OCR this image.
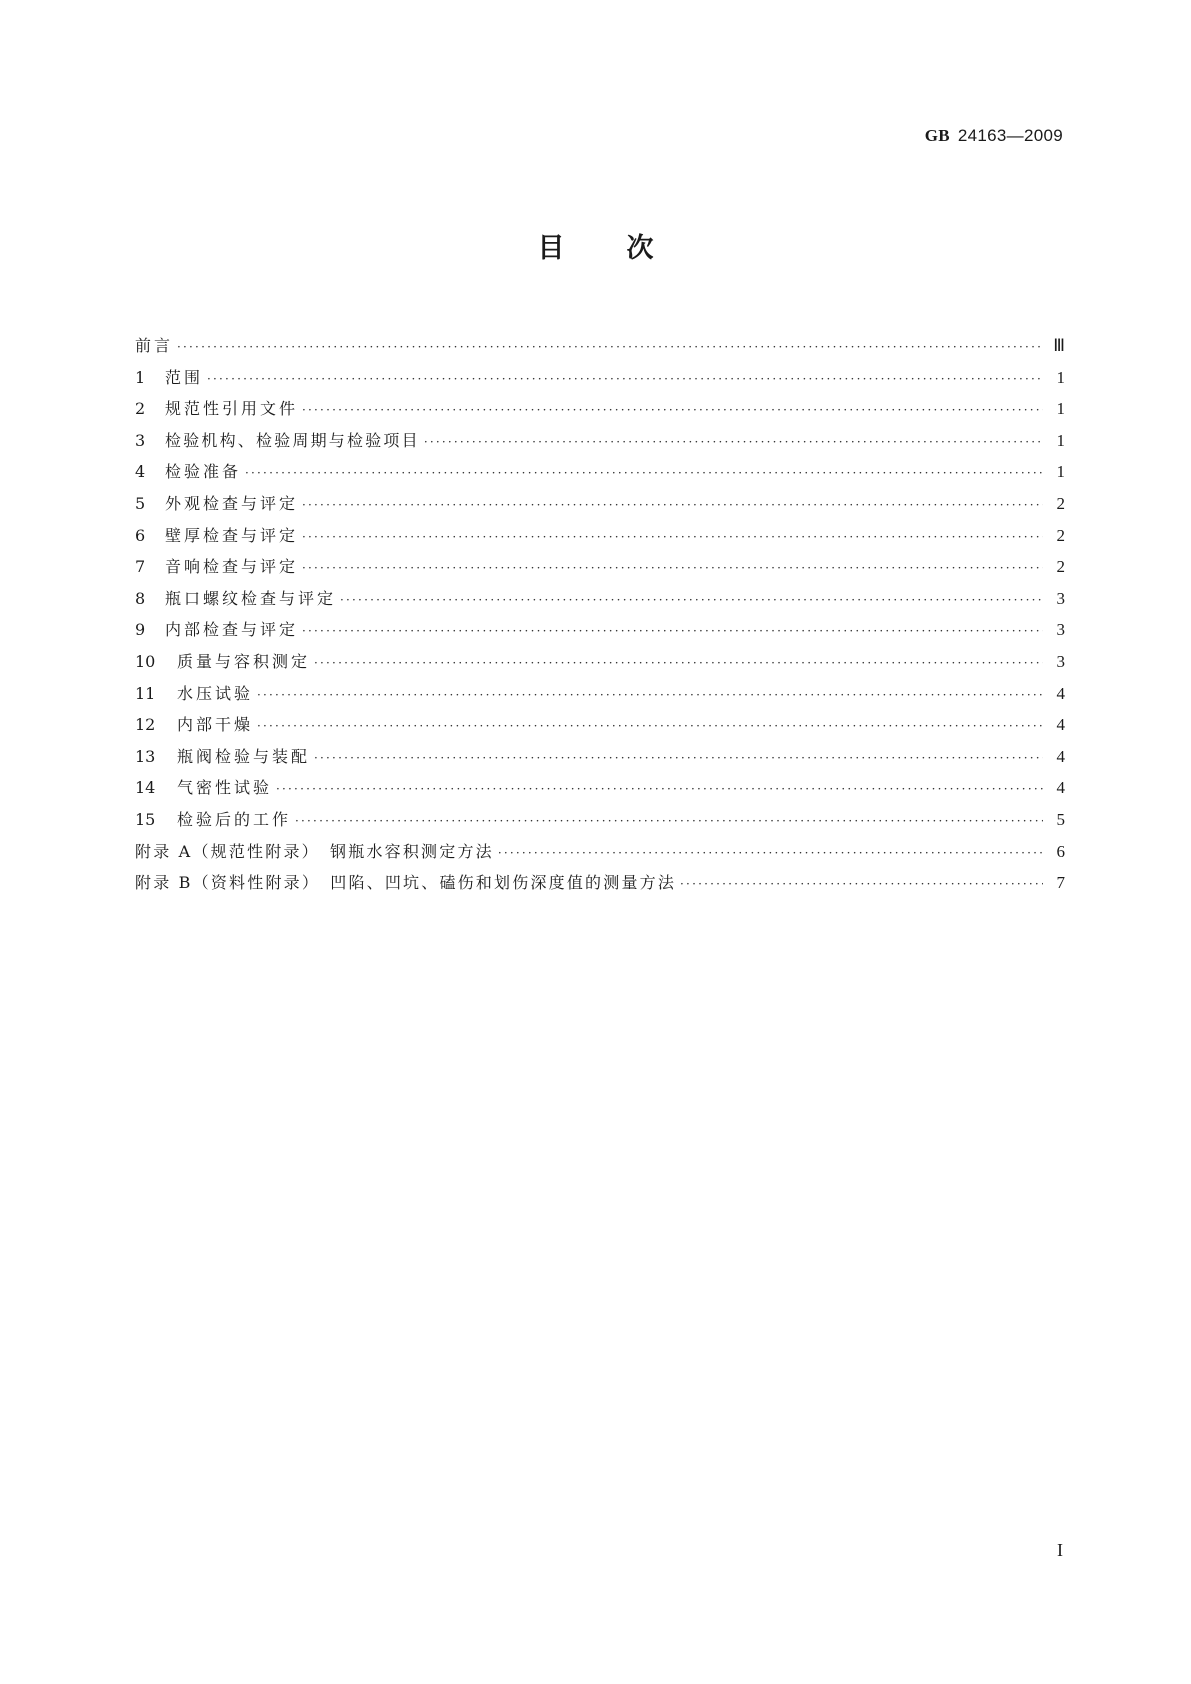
GB 24163—2009
目 次
前言 ·····	Ⅲ
1	范围 ·····	1
2	规范性引用文件 ·····	1
3	检验机构、检验周期与检验项目 ·····	1
4	检验准备 ·····	1
5	外观检查与评定 ·····	2
6	壁厚检查与评定 ·····	2
7	音响检查与评定 ·····	2
8	瓶口螺纹检查与评定 ·····	3
9	内部检查与评定 ·····	3
10	质量与容积测定 ·····	3
11	水压试验 ·····	4
12	内部干燥 ·····	4
13	瓶阀检验与装配 ·····	4
14	气密性试验 ·····	4
15	检验后的工作 ·····	5
附录 A（规范性附录）　钢瓶水容积测定方法 ·····	6
附录 B（资料性附录）　凹陷、凹坑、磕伤和划伤深度值的测量方法 ·····	7
I
